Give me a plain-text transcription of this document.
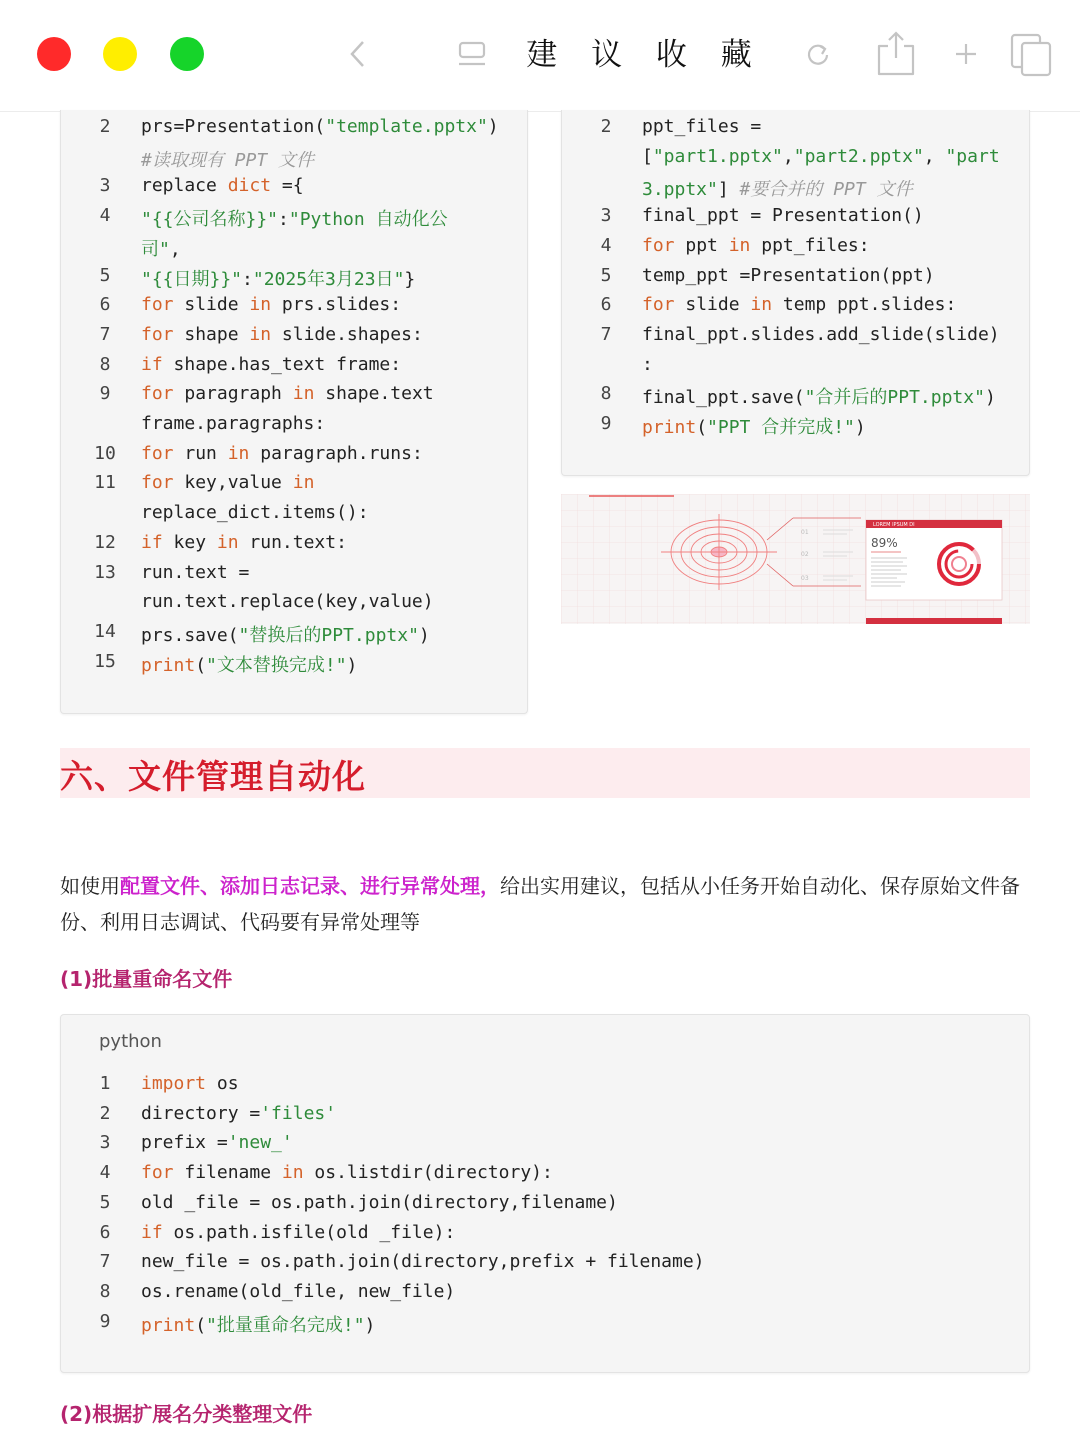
建 议 收 藏
2	prs=Presentation("template.pptx")
#读取现有 PPT 文件
3	replace dict ={
4	"{{公司名称}}":"Python 自动化公
司",
5	"{{日期}}":"2025年3月23日"}
6	for slide in prs.slides:
7	for shape in slide.shapes:
8	if shape.has_text frame:
9	for paragraph in shape.text
frame.paragraphs:
10	for run in paragraph.runs:
11	for key,value in
replace_dict.items():
12	if key in run.text:
13	run.text =
run.text.replace(key,value)
14	prs.save("替换后的PPT.pptx")
15	print("文本替换完成!")
2	ppt_files =
["part1.pptx","part2.pptx", "part
3.pptx"] #要合并的 PPT 文件
3	final_ppt = Presentation()
4	for ppt in ppt_files:
5	temp_ppt =Presentation(ppt)
6	for slide in temp ppt.slides:
7	final_ppt.slides.add_slide(slide)
:
8	final_ppt.save("合并后的PPT.pptx")
9	print("PPT 合并完成!")
01
02
03
LOREM IPSUM DI
89%
六、文件管理自动化

如使用配置文件、添加日志记录、进行异常处理，给出实用建议，包括从小任务开始自动化、保存原始文件备份、利用日志调试、代码要有异常处理等

(1)批量重命名文件
python
1	import os
2	directory ='files'
3	prefix ='new_'
4	for filename in os.listdir(directory):
5	old _file = os.path.join(directory,filename)
6	if os.path.isfile(old _file):
7	new_file = os.path.join(directory,prefix + filename)
8	os.rename(old_file, new_file)
9	print("批量重命名完成!")
(2)根据扩展名分类整理文件
